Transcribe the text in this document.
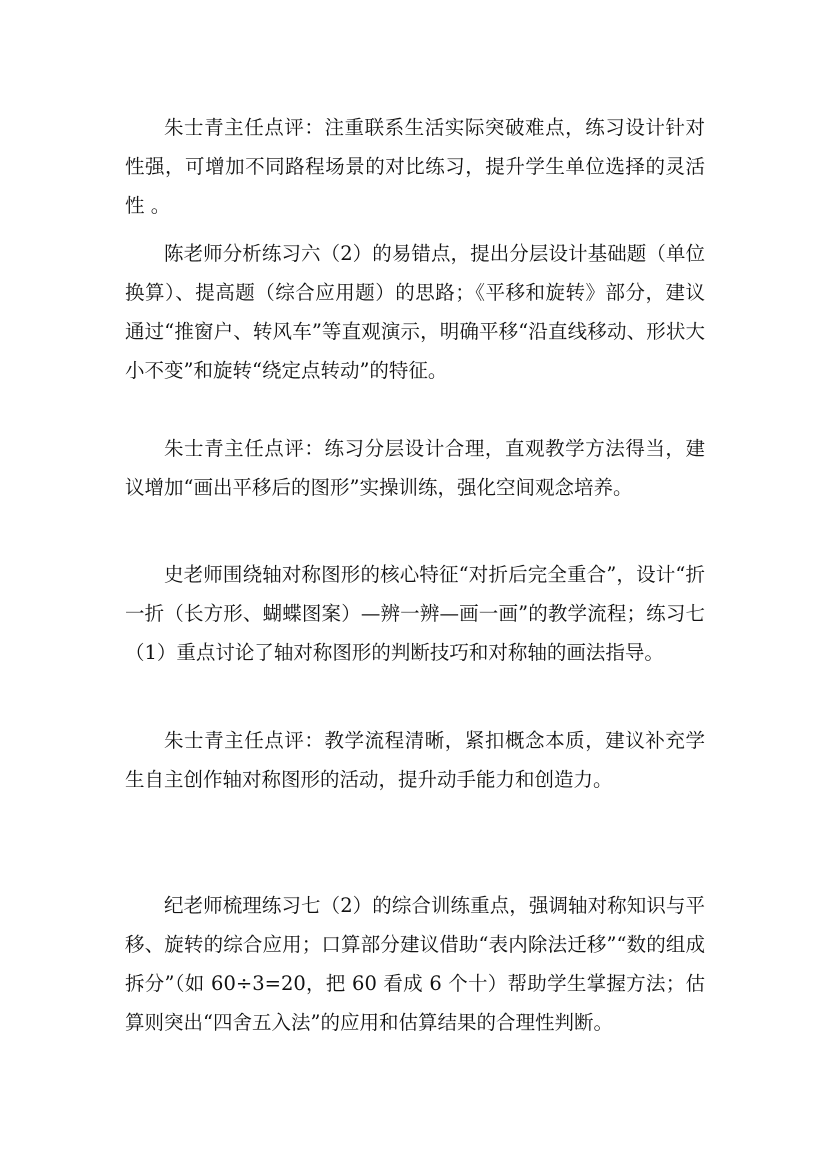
朱士青主任点评：注重联系生活实际突破难点，练习设计针对性强，可增加不同路程场景的对比练习，提升学生单位选择的灵活性 。

陈老师分析练习六（2）的易错点，提出分层设计基础题（单位换算）、提高题（综合应用题）的思路；《平移和旋转》部分，建议通过“推窗户、转风车”等直观演示，明确平移“沿直线移动、形状大小不变”和旋转“绕定点转动”的特征。

朱士青主任点评：练习分层设计合理，直观教学方法得当，建议增加“画出平移后的图形”实操训练，强化空间观念培养。

史老师围绕轴对称图形的核心特征“对折后完全重合”，设计“折一折（长方形、蝴蝶图案）—辨一辨—画一画”的教学流程；练习七（1）重点讨论了轴对称图形的判断技巧和对称轴的画法指导。

朱士青主任点评：教学流程清晰，紧扣概念本质，建议补充学生自主创作轴对称图形的活动，提升动手能力和创造力。

纪老师梳理练习七（2）的综合训练重点，强调轴对称知识与平移、旋转的综合应用；口算部分建议借助“表内除法迁移”“数的组成拆分”（如 60÷3=20，把 60 看成 6 个十）帮助学生掌握方法；估算则突出“四舍五入法”的应用和估算结果的合理性判断。
